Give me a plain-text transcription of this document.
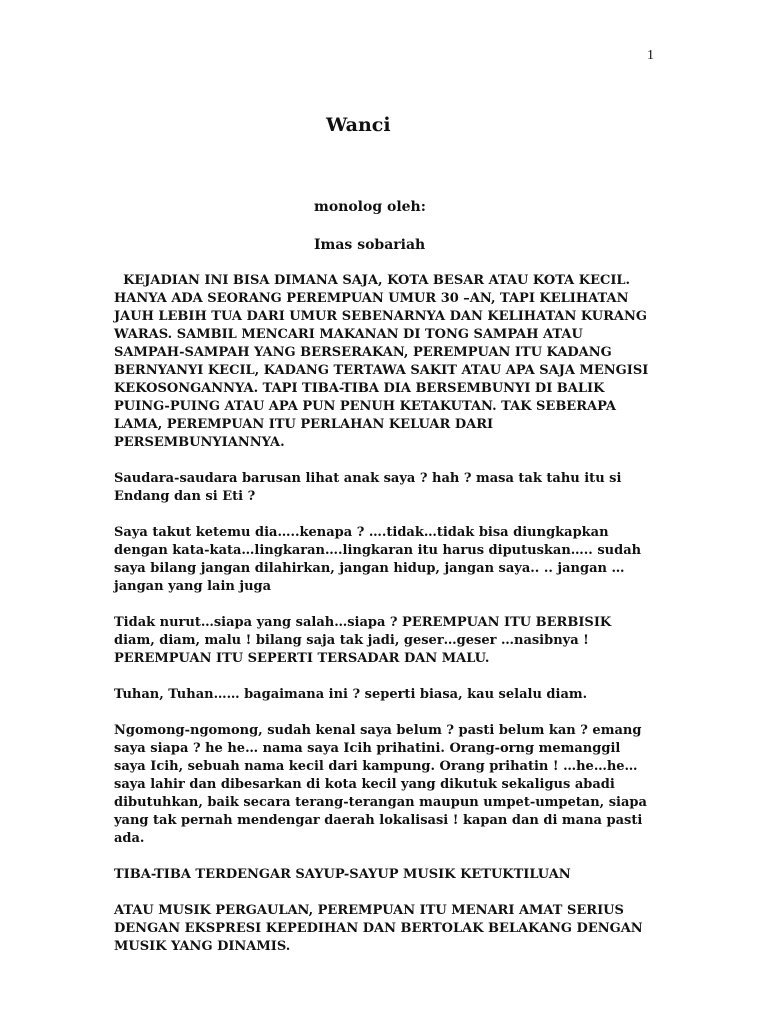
1
Wanci
monolog oleh:
Imas sobariah

KEJADIAN INI BISA DIMANA SAJA, KOTA BESAR ATAU KOTA KECIL. HANYA ADA SEORANG PEREMPUAN UMUR 30 –AN, TAPI KELIHATAN JAUH LEBIH TUA DARI UMUR SEBENARNYA DAN KELIHATAN KURANG WARAS. SAMBIL MENCARI MAKANAN DI TONG SAMPAH ATAU SAMPAH-SAMPAH YANG BERSERAKAN, PEREMPUAN ITU KADANG BERNYANYI KECIL, KADANG TERTAWA SAKIT ATAU APA SAJA MENGISI KEKOSONGANNYA. TAPI TIBA-TIBA DIA BERSEMBUNYI DI BALIK PUING-PUING ATAU APA PUN PENUH KETAKUTAN. TAK SEBERAPA LAMA, PEREMPUAN ITU PERLAHAN KELUAR DARI PERSEMBUNYIANNYA.

Saudara-saudara barusan lihat anak saya ? hah ? masa tak tahu itu si Endang dan si Eti ?

Saya takut ketemu dia…..kenapa ? ….tidak…tidak bisa diungkapkan dengan kata-kata…lingkaran….lingkaran itu harus diputuskan….. sudah saya bilang jangan dilahirkan, jangan hidup, jangan saya.. .. jangan …jangan yang lain juga

Tidak nurut…siapa yang salah…siapa ? PEREMPUAN ITU BERBISIK diam, diam, malu ! bilang saja tak jadi, geser…geser …nasibnya ! PEREMPUAN ITU SEPERTI TERSADAR DAN MALU.

Tuhan, Tuhan…… bagaimana ini ? seperti biasa, kau selalu diam.

Ngomong-ngomong, sudah kenal saya belum ? pasti belum kan ? emang saya siapa ? he he… nama saya Icih prihatini. Orang-orng memanggil saya Icih, sebuah nama kecil dari kampung. Orang prihatin ! …he…he… saya lahir dan dibesarkan di kota kecil yang dikutuk sekaligus abadi dibutuhkan, baik secara terang-terangan maupun umpet-umpetan, siapa yang tak pernah mendengar daerah lokalisasi ! kapan dan di mana pasti ada.

TIBA-TIBA TERDENGAR SAYUP-SAYUP MUSIK KETUKTILUAN

ATAU MUSIK PERGAULAN, PEREMPUAN ITU MENARI AMAT SERIUS DENGAN EKSPRESI KEPEDIHAN DAN BERTOLAK BELAKANG DENGAN MUSIK YANG DINAMIS.
